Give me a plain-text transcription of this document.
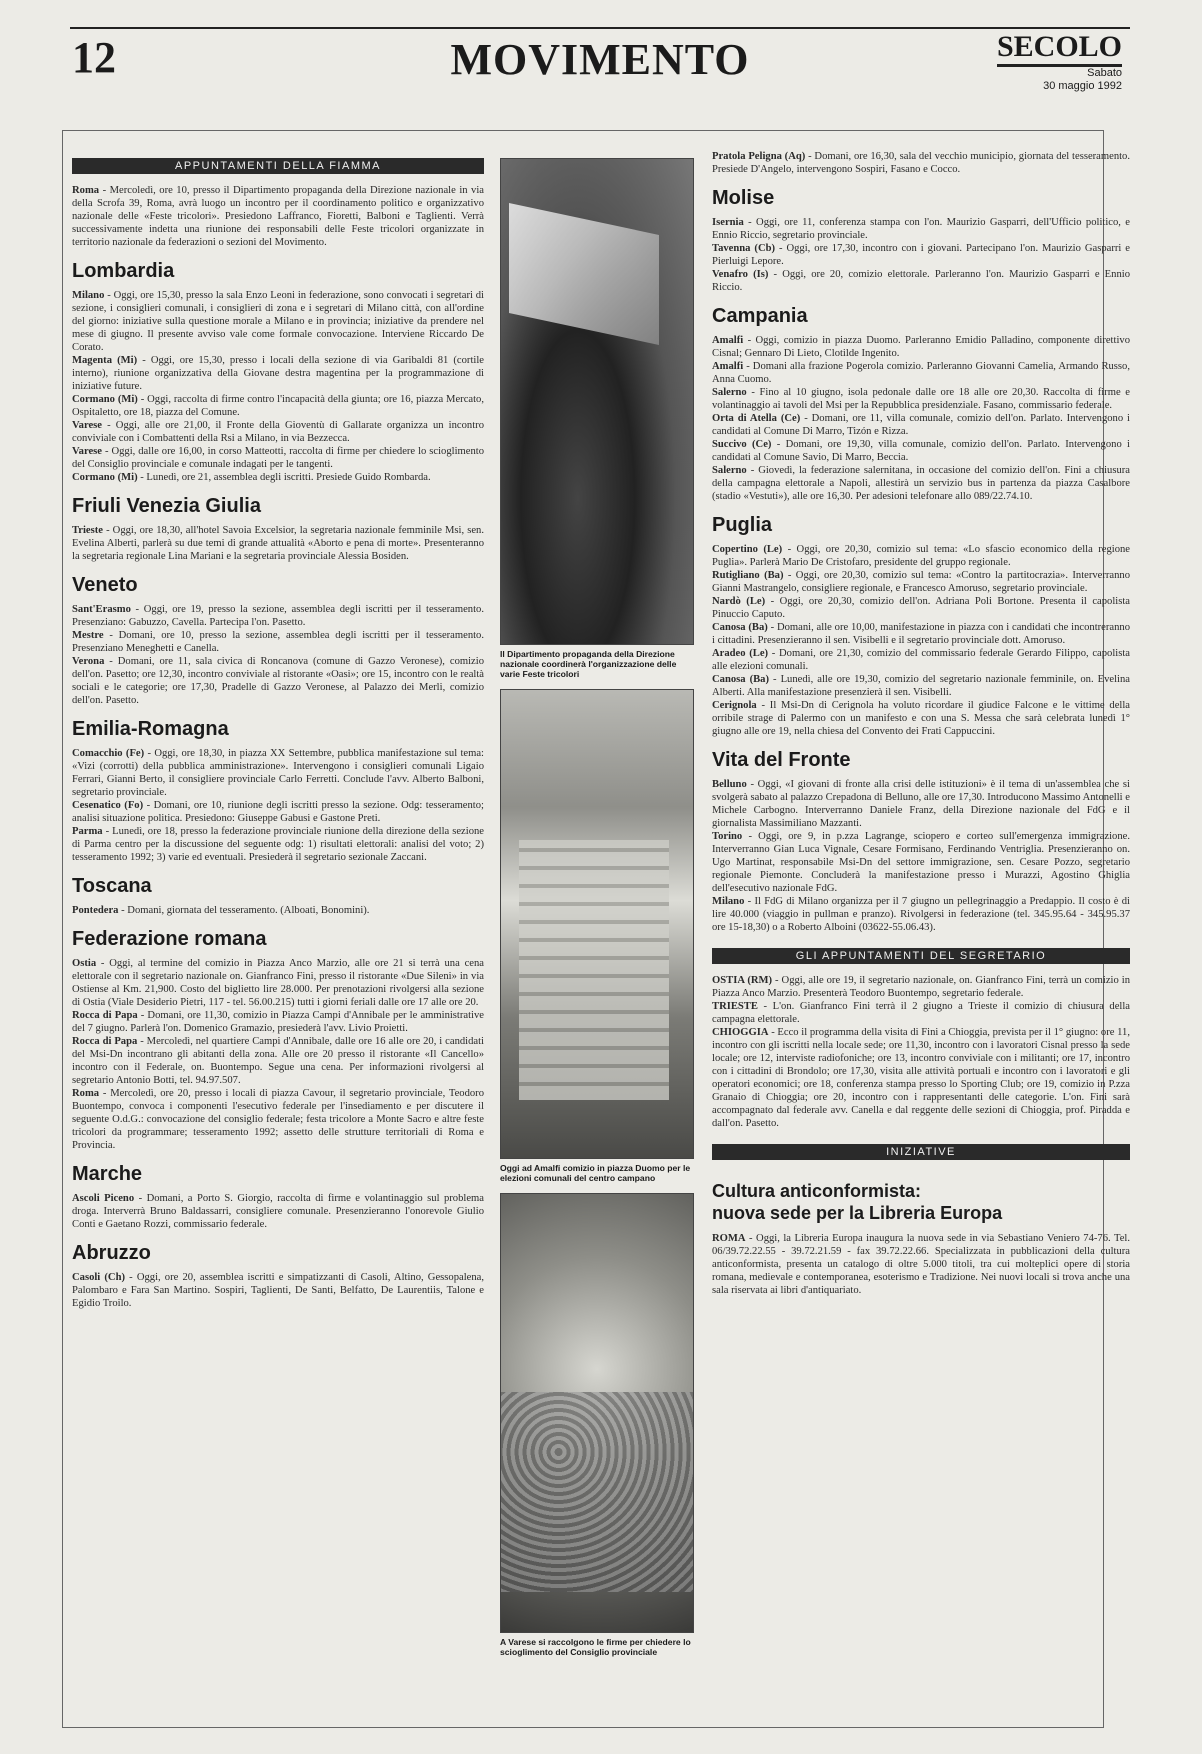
12	MOVIMENTO	SECOLO
Sabato
30 maggio 1992
APPUNTAMENTI DELLA FIAMMA

Roma - Mercoledì, ore 10, presso il Dipartimento propaganda della Direzione nazionale in via della Scrofa 39, Roma, avrà luogo un incontro per il coordinamento politico e organizzativo nazionale delle «Feste tricolori». Presiedono Laffranco, Fioretti, Balboni e Taglienti. Verrà successivamente indetta una riunione dei responsabili delle Feste tricolori organizzate in territorio nazionale da federazioni o sezioni del Movimento.

Lombardia

Milano - Oggi, ore 15,30, presso la sala Enzo Leoni in federazione, sono convocati i segretari di sezione, i consiglieri comunali, i consiglieri di zona e i segretari di Milano città, con all'ordine del giorno: iniziative sulla questione morale a Milano e in provincia; iniziative da prendere nel mese di giugno. Il presente avviso vale come formale convocazione. Interviene Riccardo De Corato.

Magenta (Mi) - Oggi, ore 15,30, presso i locali della sezione di via Garibaldi 81 (cortile interno), riunione organizzativa della Giovane destra magentina per la programmazione di iniziative future.

Cormano (Mi) - Oggi, raccolta di firme contro l'incapacità della giunta; ore 16, piazza Mercato, Ospitaletto, ore 18, piazza del Comune.

Varese - Oggi, alle ore 21,00, il Fronte della Gioventù di Gallarate organizza un incontro conviviale con i Combattenti della Rsi a Milano, in via Bezzecca.

Varese - Oggi, dalle ore 16,00, in corso Matteotti, raccolta di firme per chiedere lo scioglimento del Consiglio provinciale e comunale indagati per le tangenti.

Cormano (Mi) - Lunedì, ore 21, assemblea degli iscritti. Presiede Guido Rombarda.

Friuli Venezia Giulia

Trieste - Oggi, ore 18,30, all'hotel Savoia Excelsior, la segretaria nazionale femminile Msi, sen. Evelina Alberti, parlerà su due temi di grande attualità «Aborto e pena di morte». Presenteranno la segretaria regionale Lina Mariani e la segretaria provinciale Alessia Bosiden.

Veneto

Sant'Erasmo - Oggi, ore 19, presso la sezione, assemblea degli iscritti per il tesseramento. Presenziano: Gabuzzo, Cavella. Partecipa l'on. Pasetto.

Mestre - Domani, ore 10, presso la sezione, assemblea degli iscritti per il tesseramento. Presenziano Meneghetti e Canella.

Verona - Domani, ore 11, sala civica di Roncanova (comune di Gazzo Veronese), comizio dell'on. Pasetto; ore 12,30, incontro conviviale al ristorante «Oasi»; ore 15, incontro con le realtà sociali e le categorie; ore 17,30, Pradelle di Gazzo Veronese, al Palazzo dei Merli, comizio dell'on. Pasetto.

Emilia-Romagna

Comacchio (Fe) - Oggi, ore 18,30, in piazza XX Settembre, pubblica manifestazione sul tema: «Vizi (corrotti) della pubblica amministrazione». Intervengono i consiglieri comunali Ligaio Ferrari, Gianni Berto, il consigliere provinciale Carlo Ferretti. Conclude l'avv. Alberto Balboni, segretario provinciale.

Cesenatico (Fo) - Domani, ore 10, riunione degli iscritti presso la sezione. Odg: tesseramento; analisi situazione politica. Presiedono: Giuseppe Gabusi e Gastone Preti.

Parma - Lunedì, ore 18, presso la federazione provinciale riunione della direzione della sezione di Parma centro per la discussione del seguente odg: 1) risultati elettorali: analisi del voto; 2) tesseramento 1992; 3) varie ed eventuali. Presiederà il segretario sezionale Zaccani.

Toscana

Pontedera - Domani, giornata del tesseramento. (Alboati, Bonomini).

Federazione romana

Ostia - Oggi, al termine del comizio in Piazza Anco Marzio, alle ore 21 si terrà una cena elettorale con il segretario nazionale on. Gianfranco Fini, presso il ristorante «Due Sileni» in via Ostiense al Km. 21,900. Costo del biglietto lire 28.000. Per prenotazioni rivolgersi alla sezione di Ostia (Viale Desiderio Pietri, 117 - tel. 56.00.215) tutti i giorni feriali dalle ore 17 alle ore 20.

Rocca di Papa - Domani, ore 11,30, comizio in Piazza Campi d'Annibale per le amministrative del 7 giugno. Parlerà l'on. Domenico Gramazio, presiederà l'avv. Livio Proietti.

Rocca di Papa - Mercoledì, nel quartiere Campi d'Annibale, dalle ore 16 alle ore 20, i candidati del Msi-Dn incontrano gli abitanti della zona. Alle ore 20 presso il ristorante «Il Cancello» incontro con il Federale, on. Buontempo. Segue una cena. Per informazioni rivolgersi al segretario Antonio Botti, tel. 94.97.507.

Roma - Mercoledì, ore 20, presso i locali di piazza Cavour, il segretario provinciale, Teodoro Buontempo, convoca i componenti l'esecutivo federale per l'insediamento e per discutere il seguente O.d.G.: convocazione del consiglio federale; festa tricolore a Monte Sacro e altre feste tricolori da programmare; tesseramento 1992; assetto delle strutture territoriali di Roma e Provincia.

Marche

Ascoli Piceno - Domani, a Porto S. Giorgio, raccolta di firme e volantinaggio sul problema droga. Interverrà Bruno Baldassarri, consigliere comunale. Presenzieranno l'onorevole Giulio Conti e Gaetano Rozzi, commissario federale.

Abruzzo

Casoli (Ch) - Oggi, ore 20, assemblea iscritti e simpatizzanti di Casoli, Altino, Gessopalena, Palombaro e Fara San Martino. Sospiri, Taglienti, De Santi, Belfatto, De Laurentiis, Talone e Egidio Troilo.

Il Dipartimento propaganda della Direzione nazionale coordinerà l'organizzazione delle varie Feste tricolori
Oggi ad Amalfi comizio in piazza Duomo per le elezioni comunali del centro campano
A Varese si raccolgono le firme per chiedere lo scioglimento del Consiglio provinciale

Pratola Peligna (Aq) - Domani, ore 16,30, sala del vecchio municipio, giornata del tesseramento. Presiede D'Angelo, intervengono Sospiri, Fasano e Cocco.

Molise

Isernia - Oggi, ore 11, conferenza stampa con l'on. Maurizio Gasparri, dell'Ufficio politico, e Ennio Riccio, segretario provinciale.

Tavenna (Cb) - Oggi, ore 17,30, incontro con i giovani. Partecipano l'on. Maurizio Gasparri e Pierluigi Lepore.

Venafro (Is) - Oggi, ore 20, comizio elettorale. Parleranno l'on. Maurizio Gasparri e Ennio Riccio.

Campania

Amalfi - Oggi, comizio in piazza Duomo. Parleranno Emidio Palladino, componente direttivo Cisnal; Gennaro Di Lieto, Clotilde Ingenito.

Amalfi - Domani alla frazione Pogerola comizio. Parleranno Giovanni Camelia, Armando Russo, Anna Cuomo.

Salerno - Fino al 10 giugno, isola pedonale dalle ore 18 alle ore 20,30. Raccolta di firme e volantinaggio ai tavoli del Msi per la Repubblica presidenziale. Fasano, commissario federale.

Orta di Atella (Ce) - Domani, ore 11, villa comunale, comizio dell'on. Parlato. Intervengono i candidati al Comune Di Marro, Tizón e Rizza.

Succivo (Ce) - Domani, ore 19,30, villa comunale, comizio dell'on. Parlato. Intervengono i candidati al Comune Savio, Di Marro, Beccia.

Salerno - Giovedì, la federazione salernitana, in occasione del comizio dell'on. Fini a chiusura della campagna elettorale a Napoli, allestirà un servizio bus in partenza da piazza Casalbore (stadio «Vestuti»), alle ore 16,30. Per adesioni telefonare allo 089/22.74.10.

Puglia

Copertino (Le) - Oggi, ore 20,30, comizio sul tema: «Lo sfascio economico della regione Puglia». Parlerà Mario De Cristofaro, presidente del gruppo regionale.

Rutigliano (Ba) - Oggi, ore 20,30, comizio sul tema: «Contro la partitocrazia». Interverranno Gianni Mastrangelo, consigliere regionale, e Francesco Amoruso, segretario provinciale.

Nardò (Le) - Oggi, ore 20,30, comizio dell'on. Adriana Poli Bortone. Presenta il capolista Pinuccio Caputo.

Canosa (Ba) - Domani, alle ore 10,00, manifestazione in piazza con i candidati che incontreranno i cittadini. Presenzieranno il sen. Visibelli e il segretario provinciale dott. Amoruso.

Aradeo (Le) - Domani, ore 21,30, comizio del commissario federale Gerardo Filippo, capolista alle elezioni comunali.

Canosa (Ba) - Lunedì, alle ore 19,30, comizio del segretario nazionale femminile, on. Evelina Alberti. Alla manifestazione presenzierà il sen. Visibelli.

Cerignola - Il Msi-Dn di Cerignola ha voluto ricordare il giudice Falcone e le vittime della orribile strage di Palermo con un manifesto e con una S. Messa che sarà celebrata lunedì 1° giugno alle ore 19, nella chiesa del Convento dei Frati Cappuccini.

Vita del Fronte

Belluno - Oggi, «I giovani di fronte alla crisi delle istituzioni» è il tema di un'assemblea che si svolgerà sabato al palazzo Crepadona di Belluno, alle ore 17,30. Introducono Massimo Antonelli e Michele Carbogno. Interverranno Daniele Franz, della Direzione nazionale del FdG e il giornalista Massimiliano Mazzanti.

Torino - Oggi, ore 9, in p.zza Lagrange, sciopero e corteo sull'emergenza immigrazione. Interverranno Gian Luca Vignale, Cesare Formisano, Ferdinando Ventriglia. Presenzieranno on. Ugo Martinat, responsabile Msi-Dn del settore immigrazione, sen. Cesare Pozzo, segretario regionale Piemonte. Concluderà la manifestazione presso i Murazzi, Agostino Ghiglia dell'esecutivo nazionale FdG.

Milano - Il FdG di Milano organizza per il 7 giugno un pellegrinaggio a Predappio. Il costo è di lire 40.000 (viaggio in pullman e pranzo). Rivolgersi in federazione (tel. 345.95.64 - 345.95.37 ore 15-18,30) o a Roberto Alboini (03622-55.06.43).

GLI APPUNTAMENTI DEL SEGRETARIO

OSTIA (RM) - Oggi, alle ore 19, il segretario nazionale, on. Gianfranco Fini, terrà un comizio in Piazza Anco Marzio. Presenterà Teodoro Buontempo, segretario federale.

TRIESTE - L'on. Gianfranco Fini terrà il 2 giugno a Trieste il comizio di chiusura della campagna elettorale.

CHIOGGIA - Ecco il programma della visita di Fini a Chioggia, prevista per il 1° giugno: ore 11, incontro con gli iscritti nella locale sede; ore 11,30, incontro con i lavoratori Cisnal presso la sede locale; ore 12, interviste radiofoniche; ore 13, incontro conviviale con i militanti; ore 17, incontro con i cittadini di Brondolo; ore 17,30, visita alle attività portuali e incontro con i lavoratori e gli operatori economici; ore 18, conferenza stampa presso lo Sporting Club; ore 19, comizio in P.zza Granaio di Chioggia; ore 20, incontro con i rappresentanti delle categorie. L'on. Fini sarà accompagnato dal federale avv. Canella e dal reggente delle sezioni di Chioggia, prof. Piradda e dall'on. Pasetto.

INIZIATIVE
Cultura anticonformista:
nuova sede per la Libreria Europa

ROMA - Oggi, la Libreria Europa inaugura la nuova sede in via Sebastiano Veniero 74-76. Tel. 06/39.72.22.55 - 39.72.21.59 - fax 39.72.22.66. Specializzata in pubblicazioni della cultura anticonformista, presenta un catalogo di oltre 5.000 titoli, tra cui molteplici opere di storia romana, medievale e contemporanea, esoterismo e Tradizione. Nei nuovi locali si trova anche una sala riservata ai libri d'antiquariato.
